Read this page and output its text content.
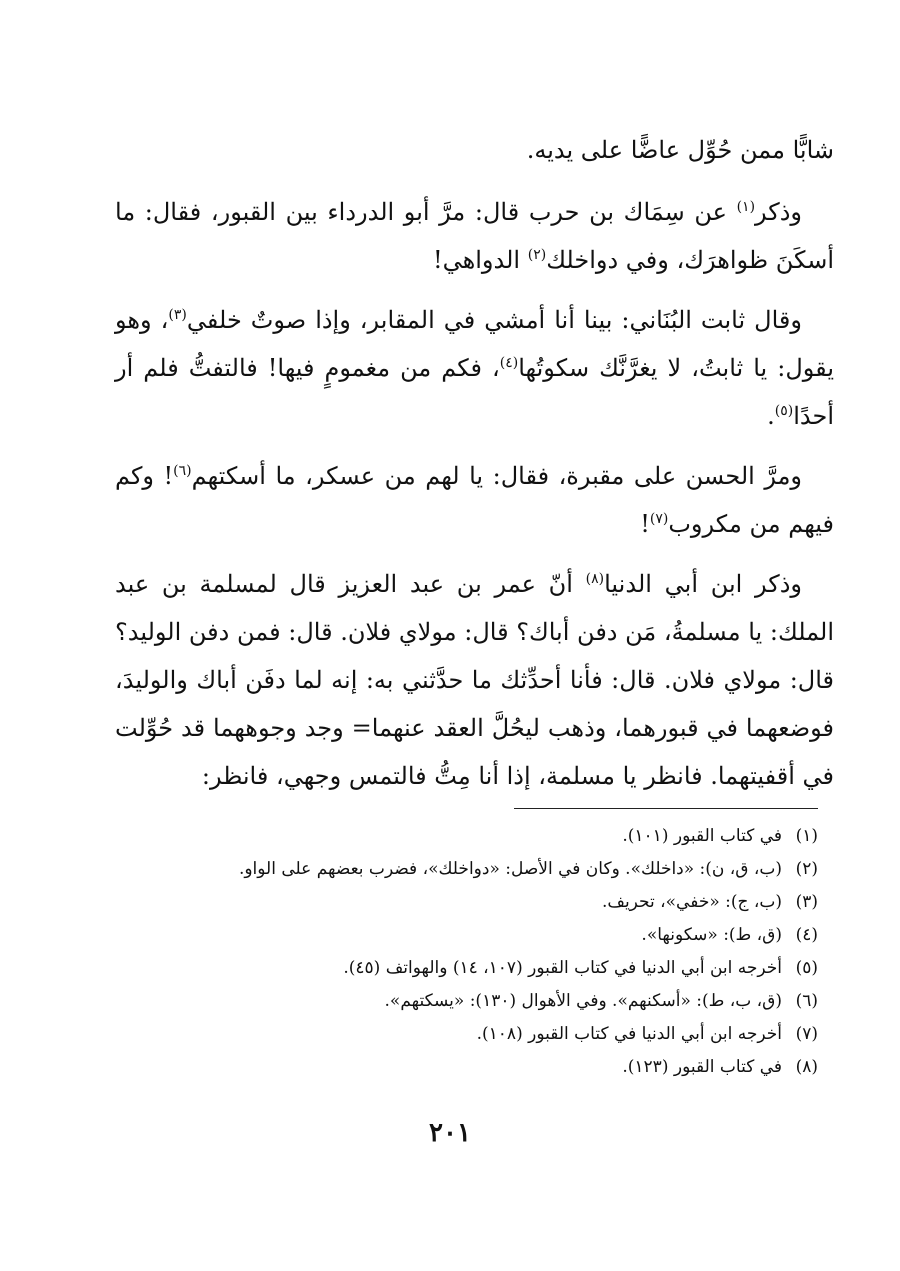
شابًّا ممن حُوِّل عاضًّا على يديه.

وذكر$^{(١)}$ عن سِمَاك بن حرب قال: مرَّ أبو الدرداء بين القبور، فقال: ما أسكَنَ ظواهرَك، وفي دواخلك$^{(٢)}$ الدواهي!

وقال ثابت البُنَاني: بينا أنا أمشي في المقابر، وإذا صوتٌ خلفي$^{(٣)}$، وهو يقول: يا ثابتُ، لا يغرَّنَّك سكوتُها$^{(٤)}$، فكم من مغمومٍ فيها! فالتفتُّ فلم أر أحدًا$^{(٥)}$.

ومرَّ الحسن على مقبرة، فقال: يا لهم من عسكر، ما أسكتهم$^{(٦)}$! وكم فيهم من مكروب$^{(٧)}$!

وذكر ابن أبي الدنيا$^{(٨)}$ أنّ عمر بن عبد العزيز قال لمسلمة بن عبد الملك: يا مسلمةُ، مَن دفن أباك؟ قال: مولاي فلان. قال: فمن دفن الوليد؟ قال: مولاي فلان. قال: فأنا أحدِّثك ما حدَّثني به: إنه لما دفَن أباك والوليدَ، فوضعهما في قبورهما، وذهب ليحُلَّ العقد عنهما= وجد وجوههما قد حُوِّلت في أقفيتهما. فانظر يا مسلمة، إذا أنا مِتُّ فالتمس وجهي، فانظر:

(١)في كتاب القبور (١٠١).
(٢)(ب، ق، ن): «داخلك». وكان في الأصل: «دواخلك»، فضرب بعضهم على الواو.
(٣)(ب، ج): «خفي»، تحريف.
(٤)(ق، ط): «سكونها».
(٥)أخرجه ابن أبي الدنيا في كتاب القبور (١٠٧، ١٤) والهواتف (٤٥).
(٦)(ق، ب، ط): «أسكنهم». وفي الأهوال (١٣٠): «يسكتهم».
(٧)أخرجه ابن أبي الدنيا في كتاب القبور (١٠٨).
(٨)في كتاب القبور (١٢٣).
٢٠١
